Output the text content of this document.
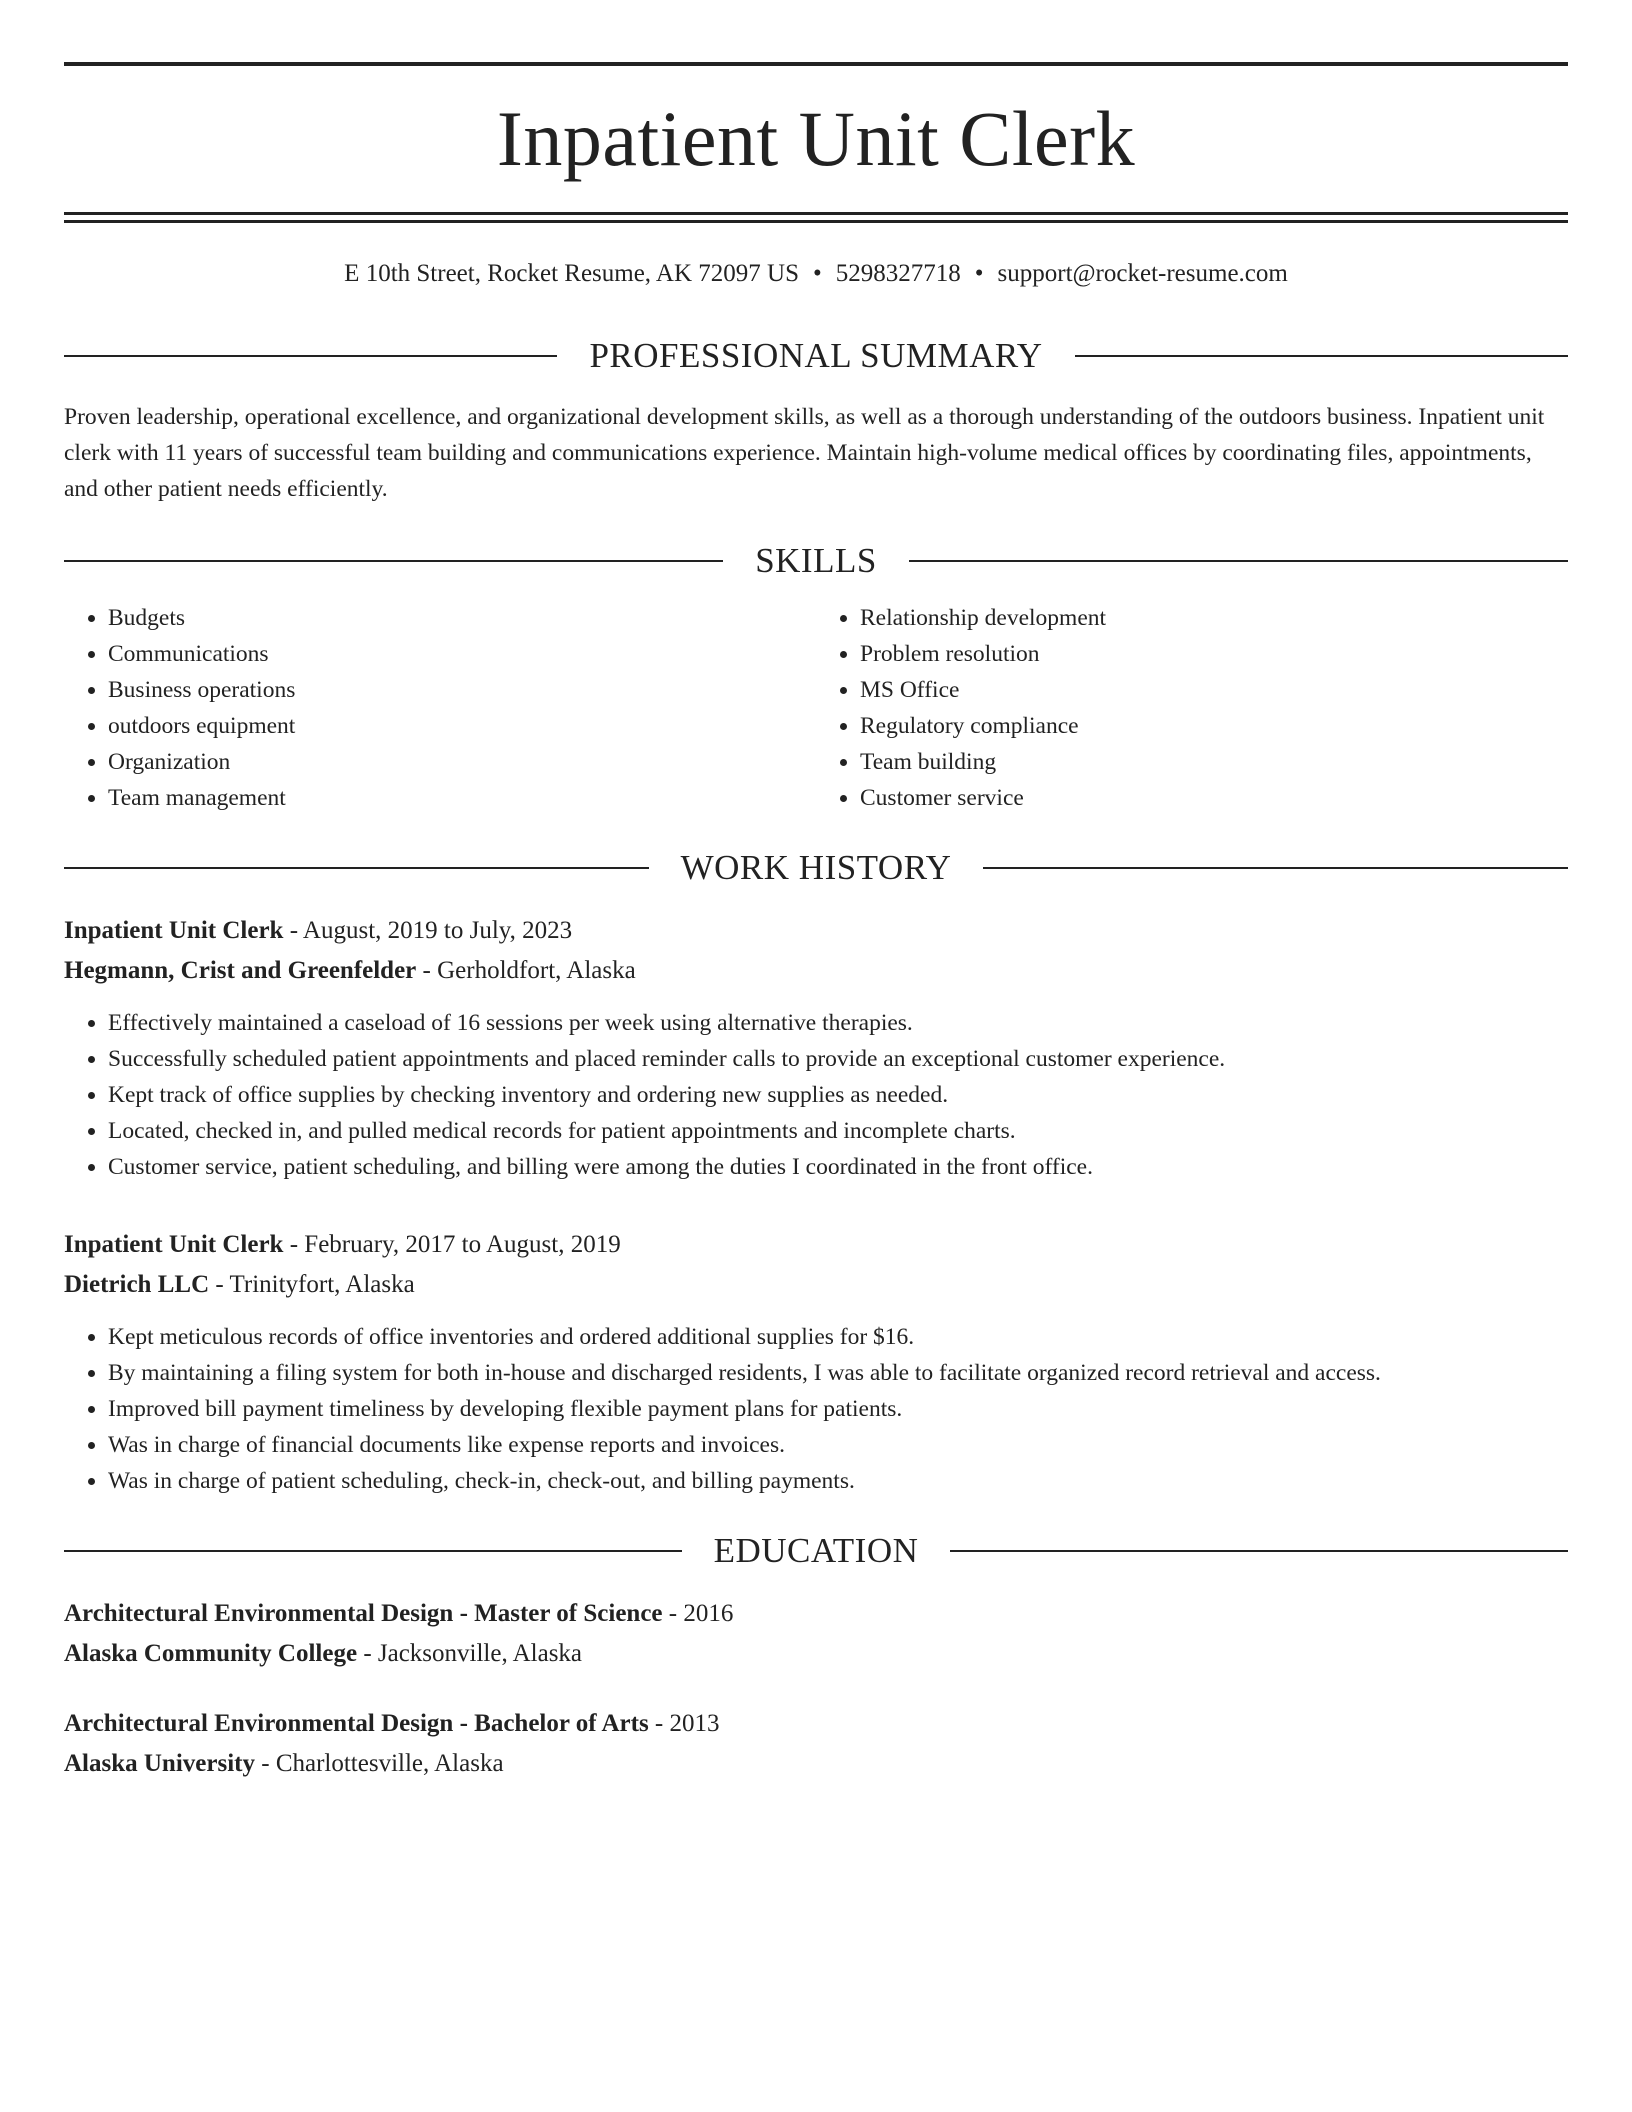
Inpatient Unit Clerk
E 10th Street, Rocket Resume, AK 72097 US • 5298327718 • support@rocket-resume.com
PROFESSIONAL SUMMARY

Proven leadership, operational excellence, and organizational development skills, as well as a thorough understanding of the outdoors business. Inpatient unit clerk with 11 years of successful team building and communications experience. Maintain high-volume medical offices by coordinating files, appointments, and other patient needs efficiently.

SKILLS
• Budgets
• Communications
• Business operations
• outdoors equipment
• Organization
• Team management
• Relationship development
• Problem resolution
• MS Office
• Regulatory compliance
• Team building
• Customer service
WORK HISTORY
Inpatient Unit Clerk - August, 2019 to July, 2023
Hegmann, Crist and Greenfelder - Gerholdfort, Alaska
• Effectively maintained a caseload of 16 sessions per week using alternative therapies.
• Successfully scheduled patient appointments and placed reminder calls to provide an exceptional customer experience.
• Kept track of office supplies by checking inventory and ordering new supplies as needed.
• Located, checked in, and pulled medical records for patient appointments and incomplete charts.
• Customer service, patient scheduling, and billing were among the duties I coordinated in the front office.
Inpatient Unit Clerk - February, 2017 to August, 2019
Dietrich LLC - Trinityfort, Alaska
• Kept meticulous records of office inventories and ordered additional supplies for $16.
• By maintaining a filing system for both in-house and discharged residents, I was able to facilitate organized record retrieval and access.
• Improved bill payment timeliness by developing flexible payment plans for patients.
• Was in charge of financial documents like expense reports and invoices.
• Was in charge of patient scheduling, check-in, check-out, and billing payments.
EDUCATION
Architectural Environmental Design - Master of Science - 2016
Alaska Community College - Jacksonville, Alaska
Architectural Environmental Design - Bachelor of Arts - 2013
Alaska University - Charlottesville, Alaska
